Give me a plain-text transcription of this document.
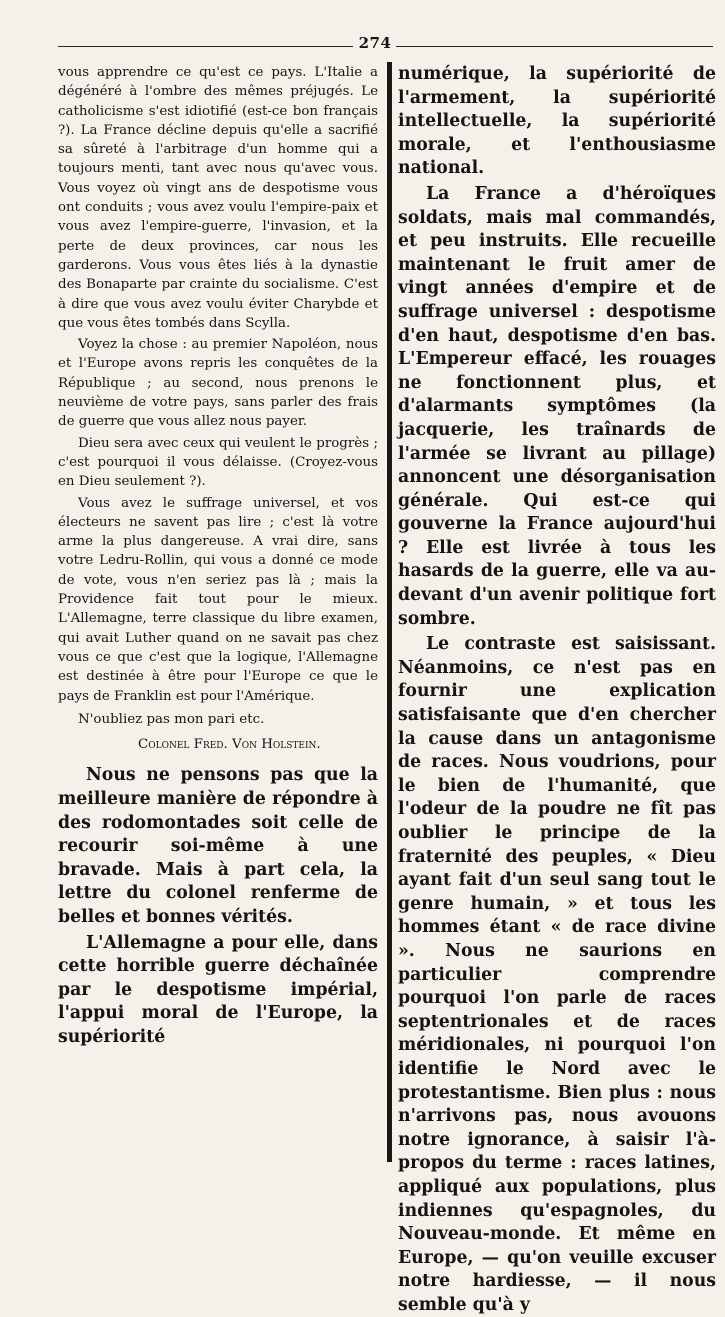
274

vous apprendre ce qu'est ce pays. L'Italie a dégénéré à l'ombre des mêmes préjugés. Le catholicisme s'est idiotifié (est-ce bon français ?). La France décline depuis qu'elle a sacrifié sa sûreté à l'arbitrage d'un homme qui a toujours menti, tant avec nous qu'avec vous. Vous voyez où vingt ans de despotisme vous ont conduits ; vous avez voulu l'empire-paix et vous avez l'empire-guerre, l'invasion, et la perte de deux provinces, car nous les garderons. Vous vous êtes liés à la dynastie des Bonaparte par crainte du socialisme. C'est à dire que vous avez voulu éviter Charybde et que vous êtes tombés dans Scylla.

Voyez la chose : au premier Napoléon, nous et l'Europe avons repris les conquêtes de la République ; au second, nous prenons le neuvième de votre pays, sans parler des frais de guerre que vous allez nous payer.

Dieu sera avec ceux qui veulent le progrès ; c'est pourquoi il vous délaisse. (Croyez-vous en Dieu seulement ?).

Vous avez le suffrage universel, et vos électeurs ne savent pas lire ; c'est là votre arme la plus dangereuse. A vrai dire, sans votre Ledru-Rollin, qui vous a donné ce mode de vote, vous n'en seriez pas là ; mais la Providence fait tout pour le mieux. L'Allemagne, terre classique du libre examen, qui avait Luther quand on ne savait pas chez vous ce que c'est que la logique, l'Allemagne est destinée à être pour l'Europe ce que le pays de Franklin est pour l'Amérique.

N'oubliez pas mon pari etc.

Colonel Fred. Von Holstein.

Nous ne pensons pas que la meilleure manière de répondre à des rodomontades soit celle de recourir soi-même à une bravade. Mais à part cela, la lettre du colonel renferme de belles et bonnes vérités.

L'Allemagne a pour elle, dans cette horrible guerre déchaînée par le despotisme impérial, l'appui moral de l'Europe, la supériorité

numérique, la supériorité de l'armement, la supériorité intellectuelle, la supériorité morale, et l'enthousiasme national.

La France a d'héroïques soldats, mais mal commandés, et peu instruits. Elle recueille maintenant le fruit amer de vingt années d'empire et de suffrage universel : despotisme d'en haut, despotisme d'en bas. L'Empereur effacé, les rouages ne fonctionnent plus, et d'alarmants symptômes (la jacquerie, les traînards de l'armée se livrant au pillage) annoncent une désorganisation générale. Qui est-ce qui gouverne la France aujourd'hui ? Elle est livrée à tous les hasards de la guerre, elle va au-devant d'un avenir politique fort sombre.

Le contraste est saisissant. Néanmoins, ce n'est pas en fournir une explication satisfaisante que d'en chercher la cause dans un antagonisme de races. Nous voudrions, pour le bien de l'humanité, que l'odeur de la poudre ne fît pas oublier le principe de la fraternité des peuples, « Dieu ayant fait d'un seul sang tout le genre humain, » et tous les hommes étant « de race divine ». Nous ne saurions en particulier comprendre pourquoi l'on parle de races septentrionales et de races méridionales, ni pourquoi l'on identifie le Nord avec le protestantisme. Bien plus : nous n'arrivons pas, nous avouons notre ignorance, à saisir l'à-propos du terme : races latines, appliqué aux populations, plus indiennes qu'espagnoles, du Nouveau-monde. Et même en Europe, — qu'on veuille excuser notre hardiesse, — il nous semble qu'à y
